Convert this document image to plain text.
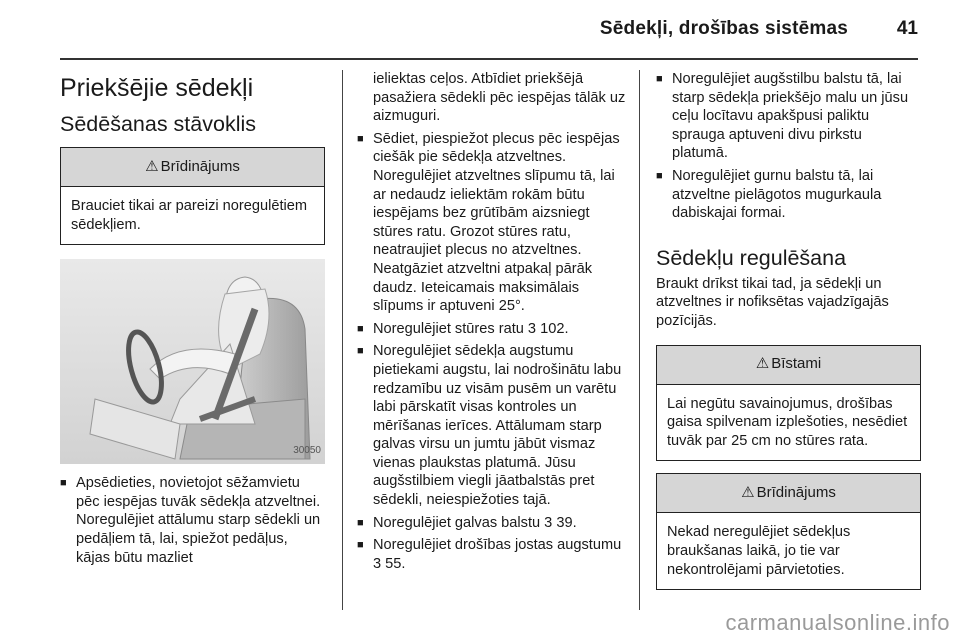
Sēdekļi, drošības sistēmas	41
Priekšējie sēdekļi
Sēdēšanas stāvoklis
⚠ Brīdinājums
Brauciet tikai ar pareizi noregulētiem sēdekļiem.
30050
■ Apsēdieties, novietojot sēžamvietu pēc iespējas tuvāk sēdekļa atzveltnei. Noregulējiet attālumu starp sēdekli un pedāļiem tā, lai, spiežot pedāļus, kājas būtu mazliet
ieliektas ceļos. Atbīdiet priekšējā pasažiera sēdekli pēc iespējas tālāk uz aizmuguri.
■ Sēdiet, piespiežot plecus pēc iespējas ciešāk pie sēdekļa atzveltnes. Noregulējiet atzveltnes slīpumu tā, lai ar nedaudz ieliektām rokām būtu iespējams bez grūtībām aizsniegt stūres ratu. Grozot stūres ratu, neatraujiet plecus no atzveltnes. Neatgāziet atzveltni atpakaļ pārāk daudz. Ieteicamais maksimālais slīpums ir aptuveni 25°.
■ Noregulējiet stūres ratu 3 102.
■ Noregulējiet sēdekļa augstumu pietiekami augstu, lai nodrošinātu labu redzamību uz visām pusēm un varētu labi pārskatīt visas kontroles un mērīšanas ierīces. Attālumam starp galvas virsu un jumtu jābūt vismaz vienas plaukstas platumā. Jūsu augšstilbiem viegli jāatbalstās pret sēdekli, neiespiežoties tajā.
■ Noregulējiet galvas balstu 3 39.
■ Noregulējiet drošības jostas augstumu 3 55.
■ Noregulējiet augšstilbu balstu tā, lai starp sēdekļa priekšējo malu un jūsu ceļu locītavu apakšpusi paliktu sprauga aptuveni divu pirkstu platumā.
■ Noregulējiet gurnu balstu tā, lai atzveltne pielāgotos mugurkaula dabiskajai formai.
Sēdekļu regulēšana
Braukt drīkst tikai tad, ja sēdekļi un atzveltnes ir nofiksētas vajadzīgajās pozīcijās.
⚠ Bīstami
Lai negūtu savainojumus, drošības gaisa spilvenam izplešoties, nesēdiet tuvāk par 25 cm no stūres rata.
⚠ Brīdinājums
Nekad neregulējiet sēdekļus braukšanas laikā, jo tie var nekontrolējami pārvietoties.
carmanualsonline.info
